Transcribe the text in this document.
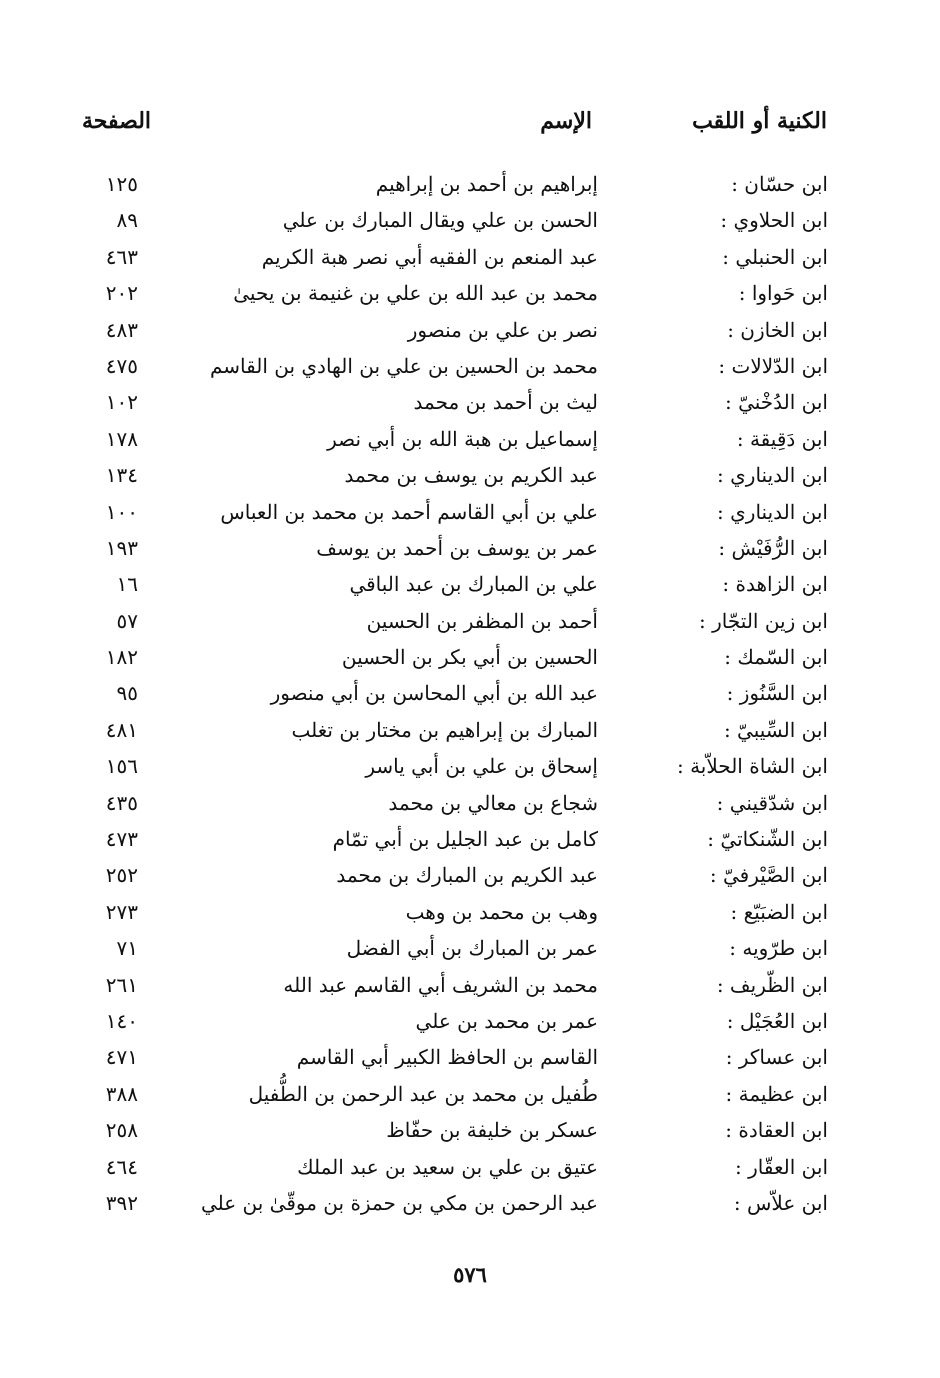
الكنية أو اللقب
الإسم
الصفحة
ابن حسّان :
إبراهيم بن أحمد بن إبراهيم
١٢٥
ابن الحلاوي :
الحسن بن علي ويقال المبارك بن علي
٨٩
ابن الحنبلي :
عبد المنعم بن الفقيه أبي نصر هبة الكريم
٤٦٣
ابن حَواوا :
محمد بن عبد الله بن علي بن غنيمة بن يحيىٰ
٢٠٢
ابن الخازن :
نصر بن علي بن منصور
٤٨٣
ابن الدّلالات :
محمد بن الحسين بن علي بن الهادي بن القاسم
٤٧٥
ابن الدُخْنيّ :
ليث بن أحمد بن محمد
١٠٢
ابن دَقِيقة :
إسماعيل بن هبة الله بن أبي نصر
١٧٨
ابن الديناري :
عبد الكريم بن يوسف بن محمد
١٣٤
ابن الديناري :
علي بن أبي القاسم أحمد بن محمد بن العباس
١٠٠
ابن الرُّفَيْش :
عمر بن يوسف بن أحمد بن يوسف
١٩٣
ابن الزاهدة :
علي بن المبارك بن عبد الباقي
١٦
ابن زين التجّار :
أحمد بن المظفر بن الحسين
٥٧
ابن السّمك :
الحسين بن أبي بكر بن الحسين
١٨٢
ابن السَّنُوز :
عبد الله بن أبي المحاسن بن أبي منصور
٩٥
ابن السِّيبيّ :
المبارك بن إبراهيم بن مختار بن تغلب
٤٨١
ابن الشاة الحلاّبة :
إسحاق بن علي بن أبي ياسر
١٥٦
ابن شدّقيني :
شجاع بن معالي بن محمد
٤٣٥
ابن الشّنكاتيّ :
كامل بن عبد الجليل بن أبي تمّام
٤٧٣
ابن الصَّيْرفيّ :
عبد الكريم بن المبارك بن محمد
٢٥٢
ابن الضبَيّع :
وهب بن محمد بن وهب
٢٧٣
ابن طرّويه :
عمر بن المبارك بن أبي الفضل
٧١
ابن الظّريف :
محمد بن الشريف أبي القاسم عبد الله
٢٦١
ابن العُجَيْل :
عمر بن محمد بن علي
١٤٠
ابن عساكر :
القاسم بن الحافظ الكبير أبي القاسم
٤٧١
ابن عظيمة :
طُفيل بن محمد بن عبد الرحمن بن الطُّفيل
٣٨٨
ابن العقادة :
عسكر بن خليفة بن حفّاظ
٢٥٨
ابن العقّار :
عتيق بن علي بن سعيد بن عبد الملك
٤٦٤
ابن علاّس :
عبد الرحمن بن مكي بن حمزة بن موقّىٰ بن علي
٣٩٢
٥٧٦
